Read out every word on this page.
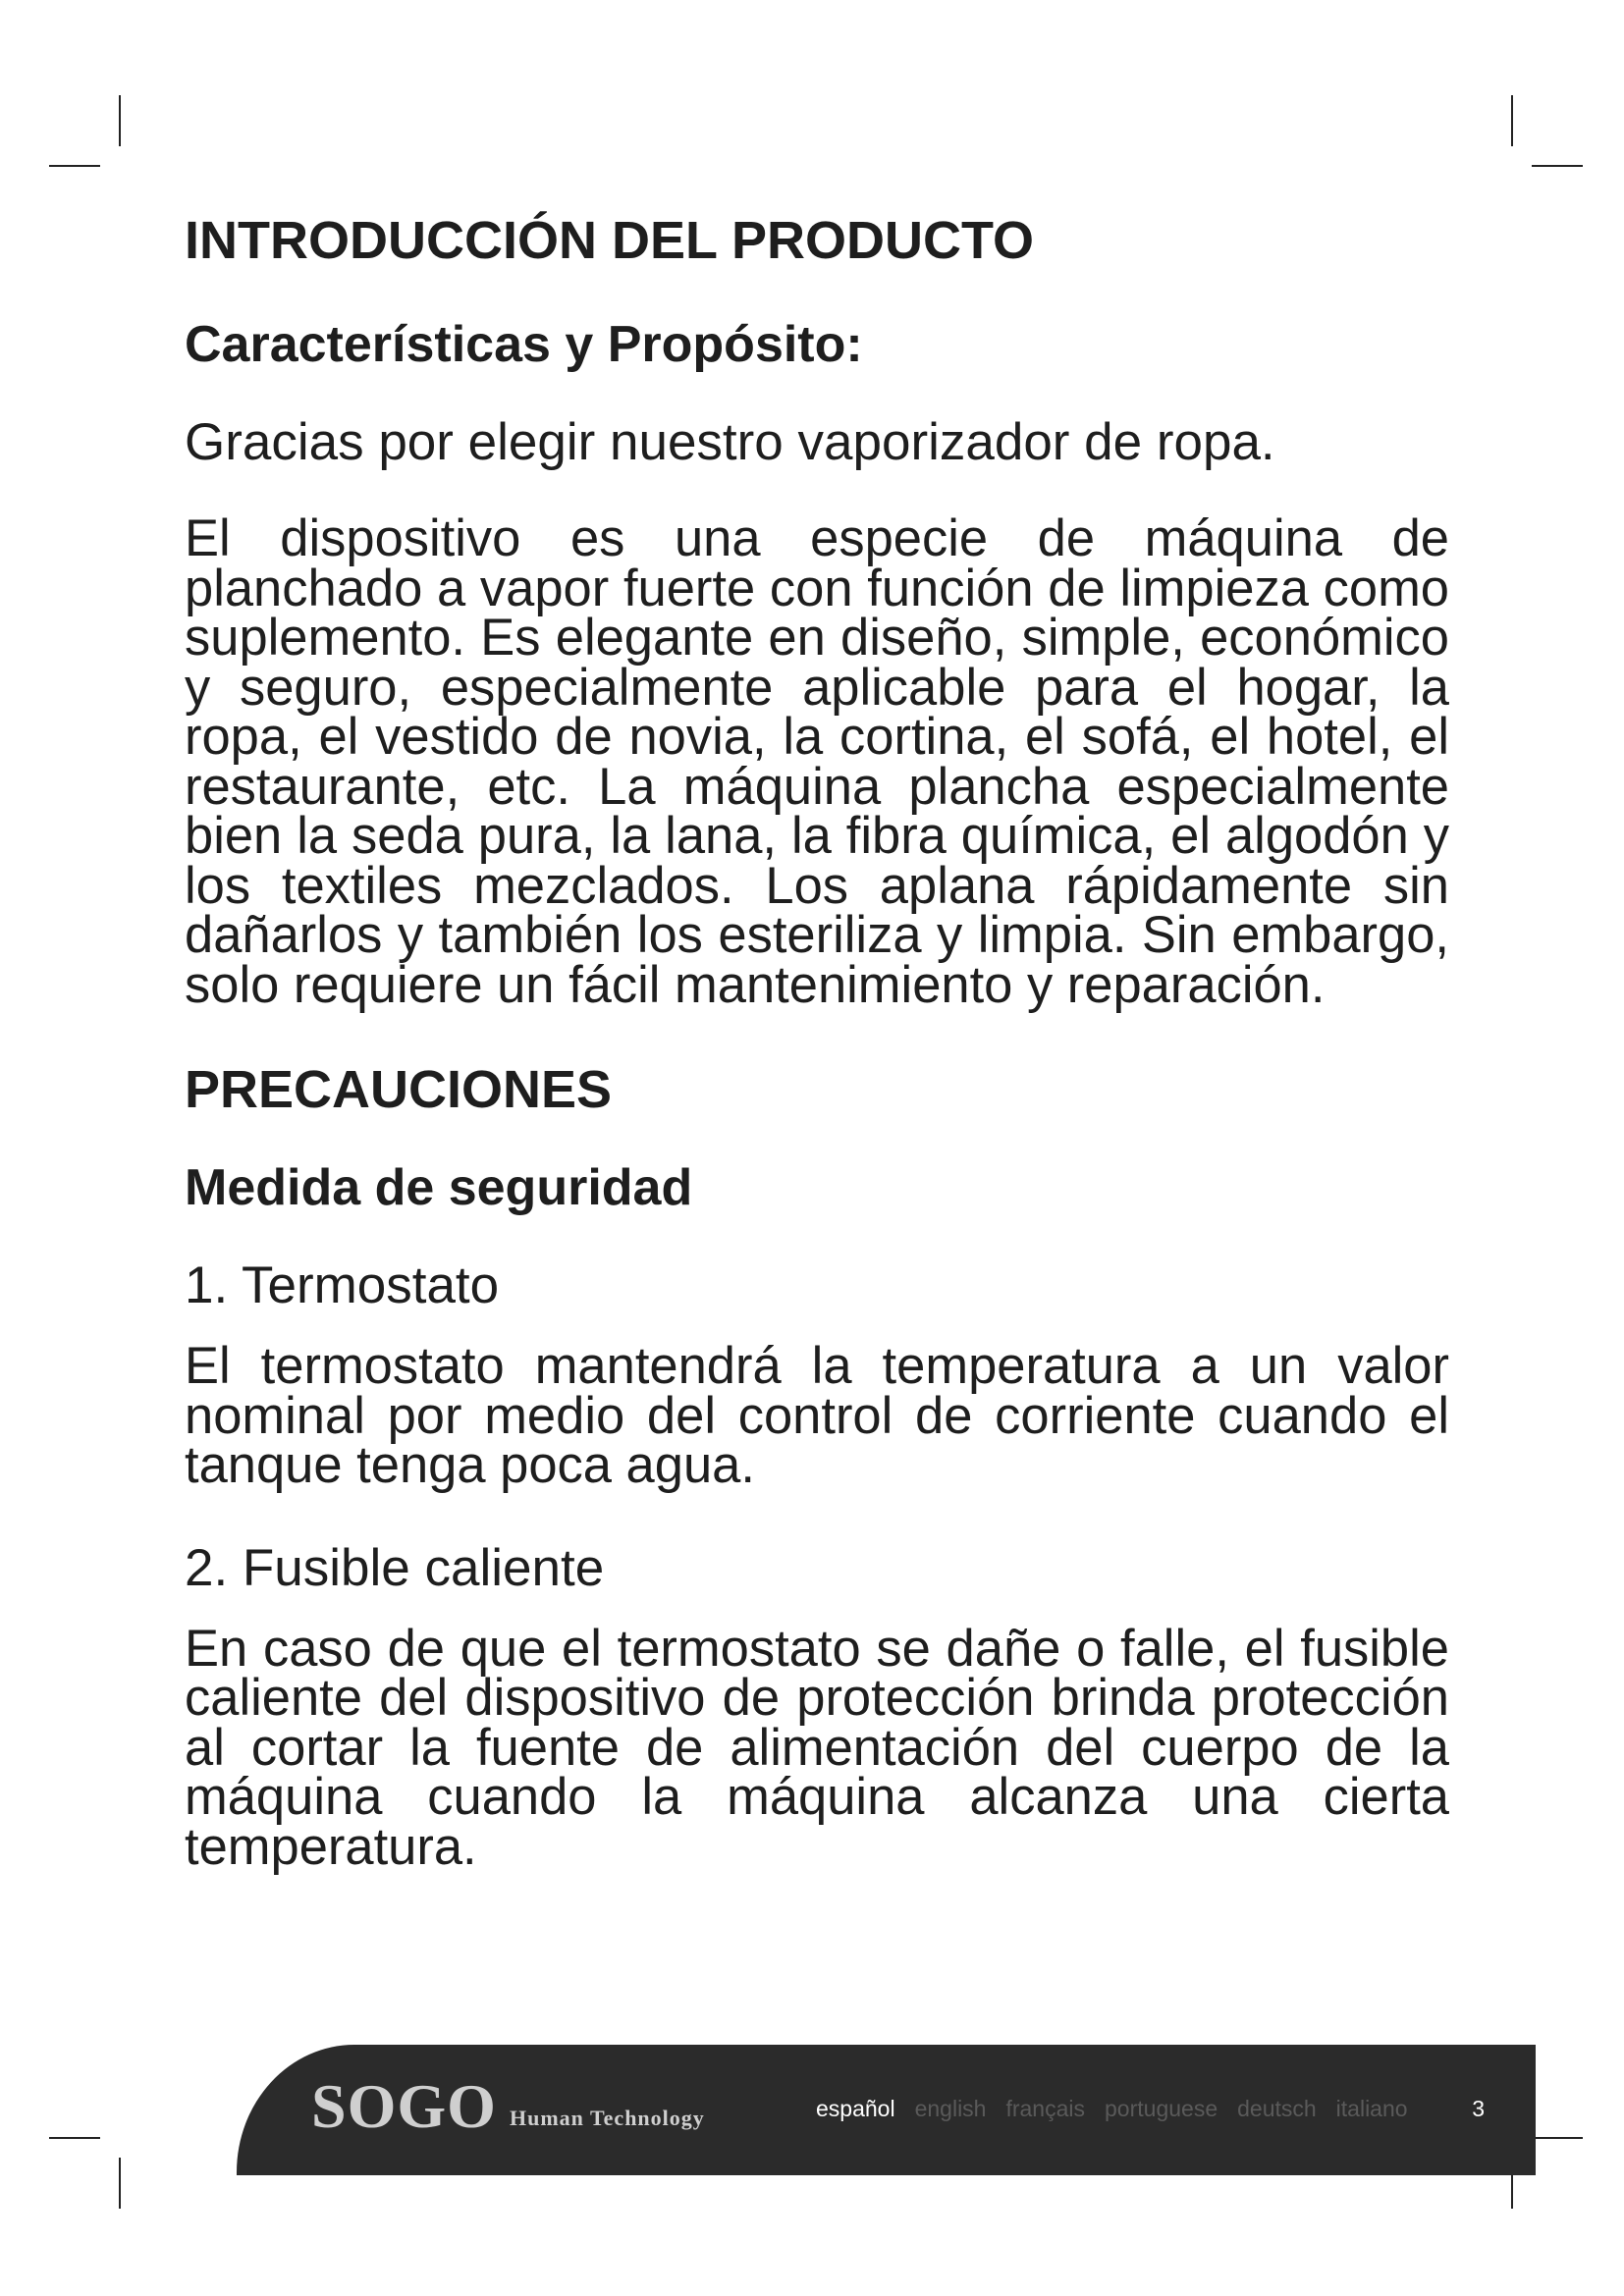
INTRODUCCIÓN DEL PRODUCTO
Características y Propósito:
Gracias por elegir nuestro vaporizador de ropa.
El dispositivo es una especie de máquina de planchado a vapor fuerte con función de limpieza como suplemento. Es elegante en diseño, simple, económico y seguro, especialmente aplicable para el hogar, la ropa, el vestido de novia, la cortina, el sofá, el hotel, el restaurante, etc. La máquina plancha especialmente bien la seda pura, la lana, la fibra química, el algodón y los textiles mezclados. Los aplana rápidamente sin dañarlos y también los esteriliza y limpia. Sin embargo, solo requiere un fácil mantenimiento y reparación.
PRECAUCIONES
Medida de seguridad
1. Termostato
El termostato mantendrá la temperatura a un valor nominal por medio del control de corriente cuando el tanque tenga poca agua.
2. Fusible caliente
En caso de que el termostato se dañe o falle, el fusible caliente del dispositivo de protección brinda protección al cortar la fuente de alimentación del cuerpo de la máquina cuando la máquina alcanza una cierta temperatura.
SOGO Human Technology	español english français portuguese deutsch italiano	3
